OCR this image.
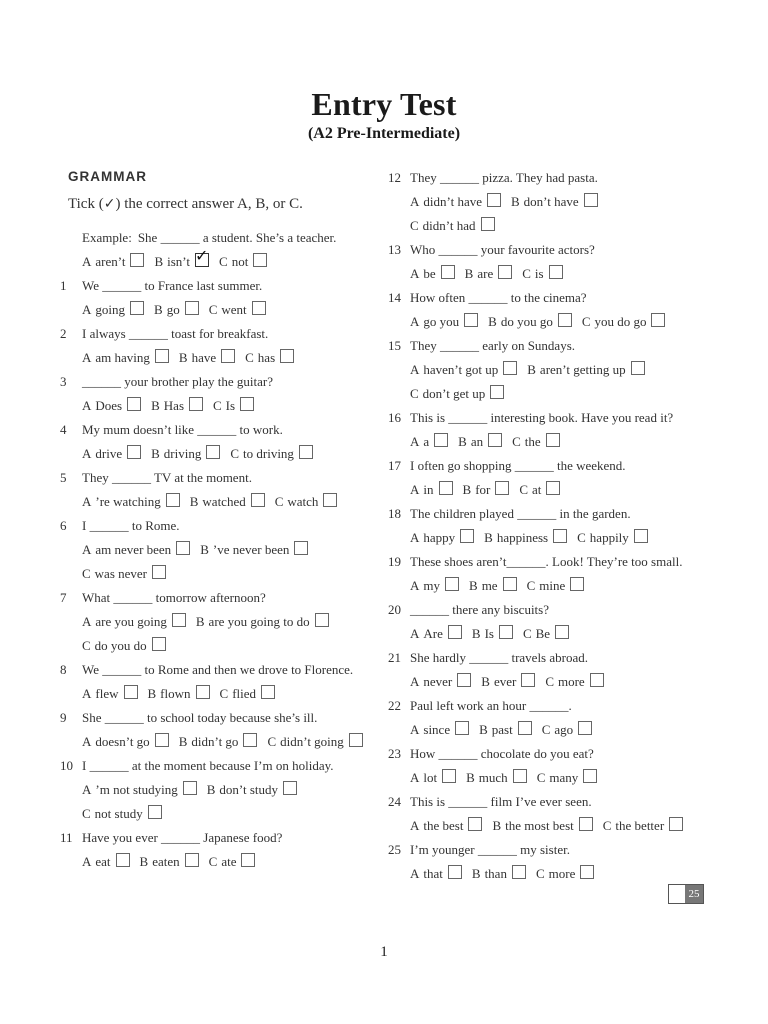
Entry Test
(A2 Pre-Intermediate)
GRAMMAR
Tick (✓) the correct answer A, B, or C.
Example: She ______ a student. She’s a teacher.
A aren’t B isn’t ✓ C not
1 We ______ to France last summer.
A going B go C went
2 I always ______ toast for breakfast.
A am having B have C has
3 ______ your brother play the guitar?
A Does B Has C Is
4 My mum doesn’t like ______ to work.
A drive B driving C to driving
5 They ______ TV at the moment.
A ’re watching B watched C watch
6 I ______ to Rome.
A am never been B ’ve never been
C was never
7 What ______ tomorrow afternoon?
A are you going B are you going to do
C do you do
8 We ______ to Rome and then we drove to Florence.
A flew B flown C flied
9 She ______ to school today because she’s ill.
A doesn’t go B didn’t go C didn’t going
10 I ______ at the moment because I’m on holiday.
A ’m not studying B don’t study
C not study
11 Have you ever ______ Japanese food?
A eat B eaten C ate
12 They ______ pizza. They had pasta.
A didn’t have B don’t have
C didn’t had
13 Who ______ your favourite actors?
A be B are C is
14 How often ______ to the cinema?
A go you B do you go C you do go
15 They ______ early on Sundays.
A haven’t got up B aren’t getting up
C don’t get up
16 This is ______ interesting book. Have you read it?
A a B an C the
17 I often go shopping ______ the weekend.
A in B for C at
18 The children played ______ in the garden.
A happy B happiness C happily
19 These shoes aren’t______. Look! They’re too small.
A my B me C mine
20 ______ there any biscuits?
A Are B Is C Be
21 She hardly ______ travels abroad.
A never B ever C more
22 Paul left work an hour ______.
A since B past C ago
23 How ______ chocolate do you eat?
A lot B much C many
24 This is ______ film I’ve ever seen.
A the best B the most best C the better
25 I’m younger ______ my sister.
A that B than C more
25
1
